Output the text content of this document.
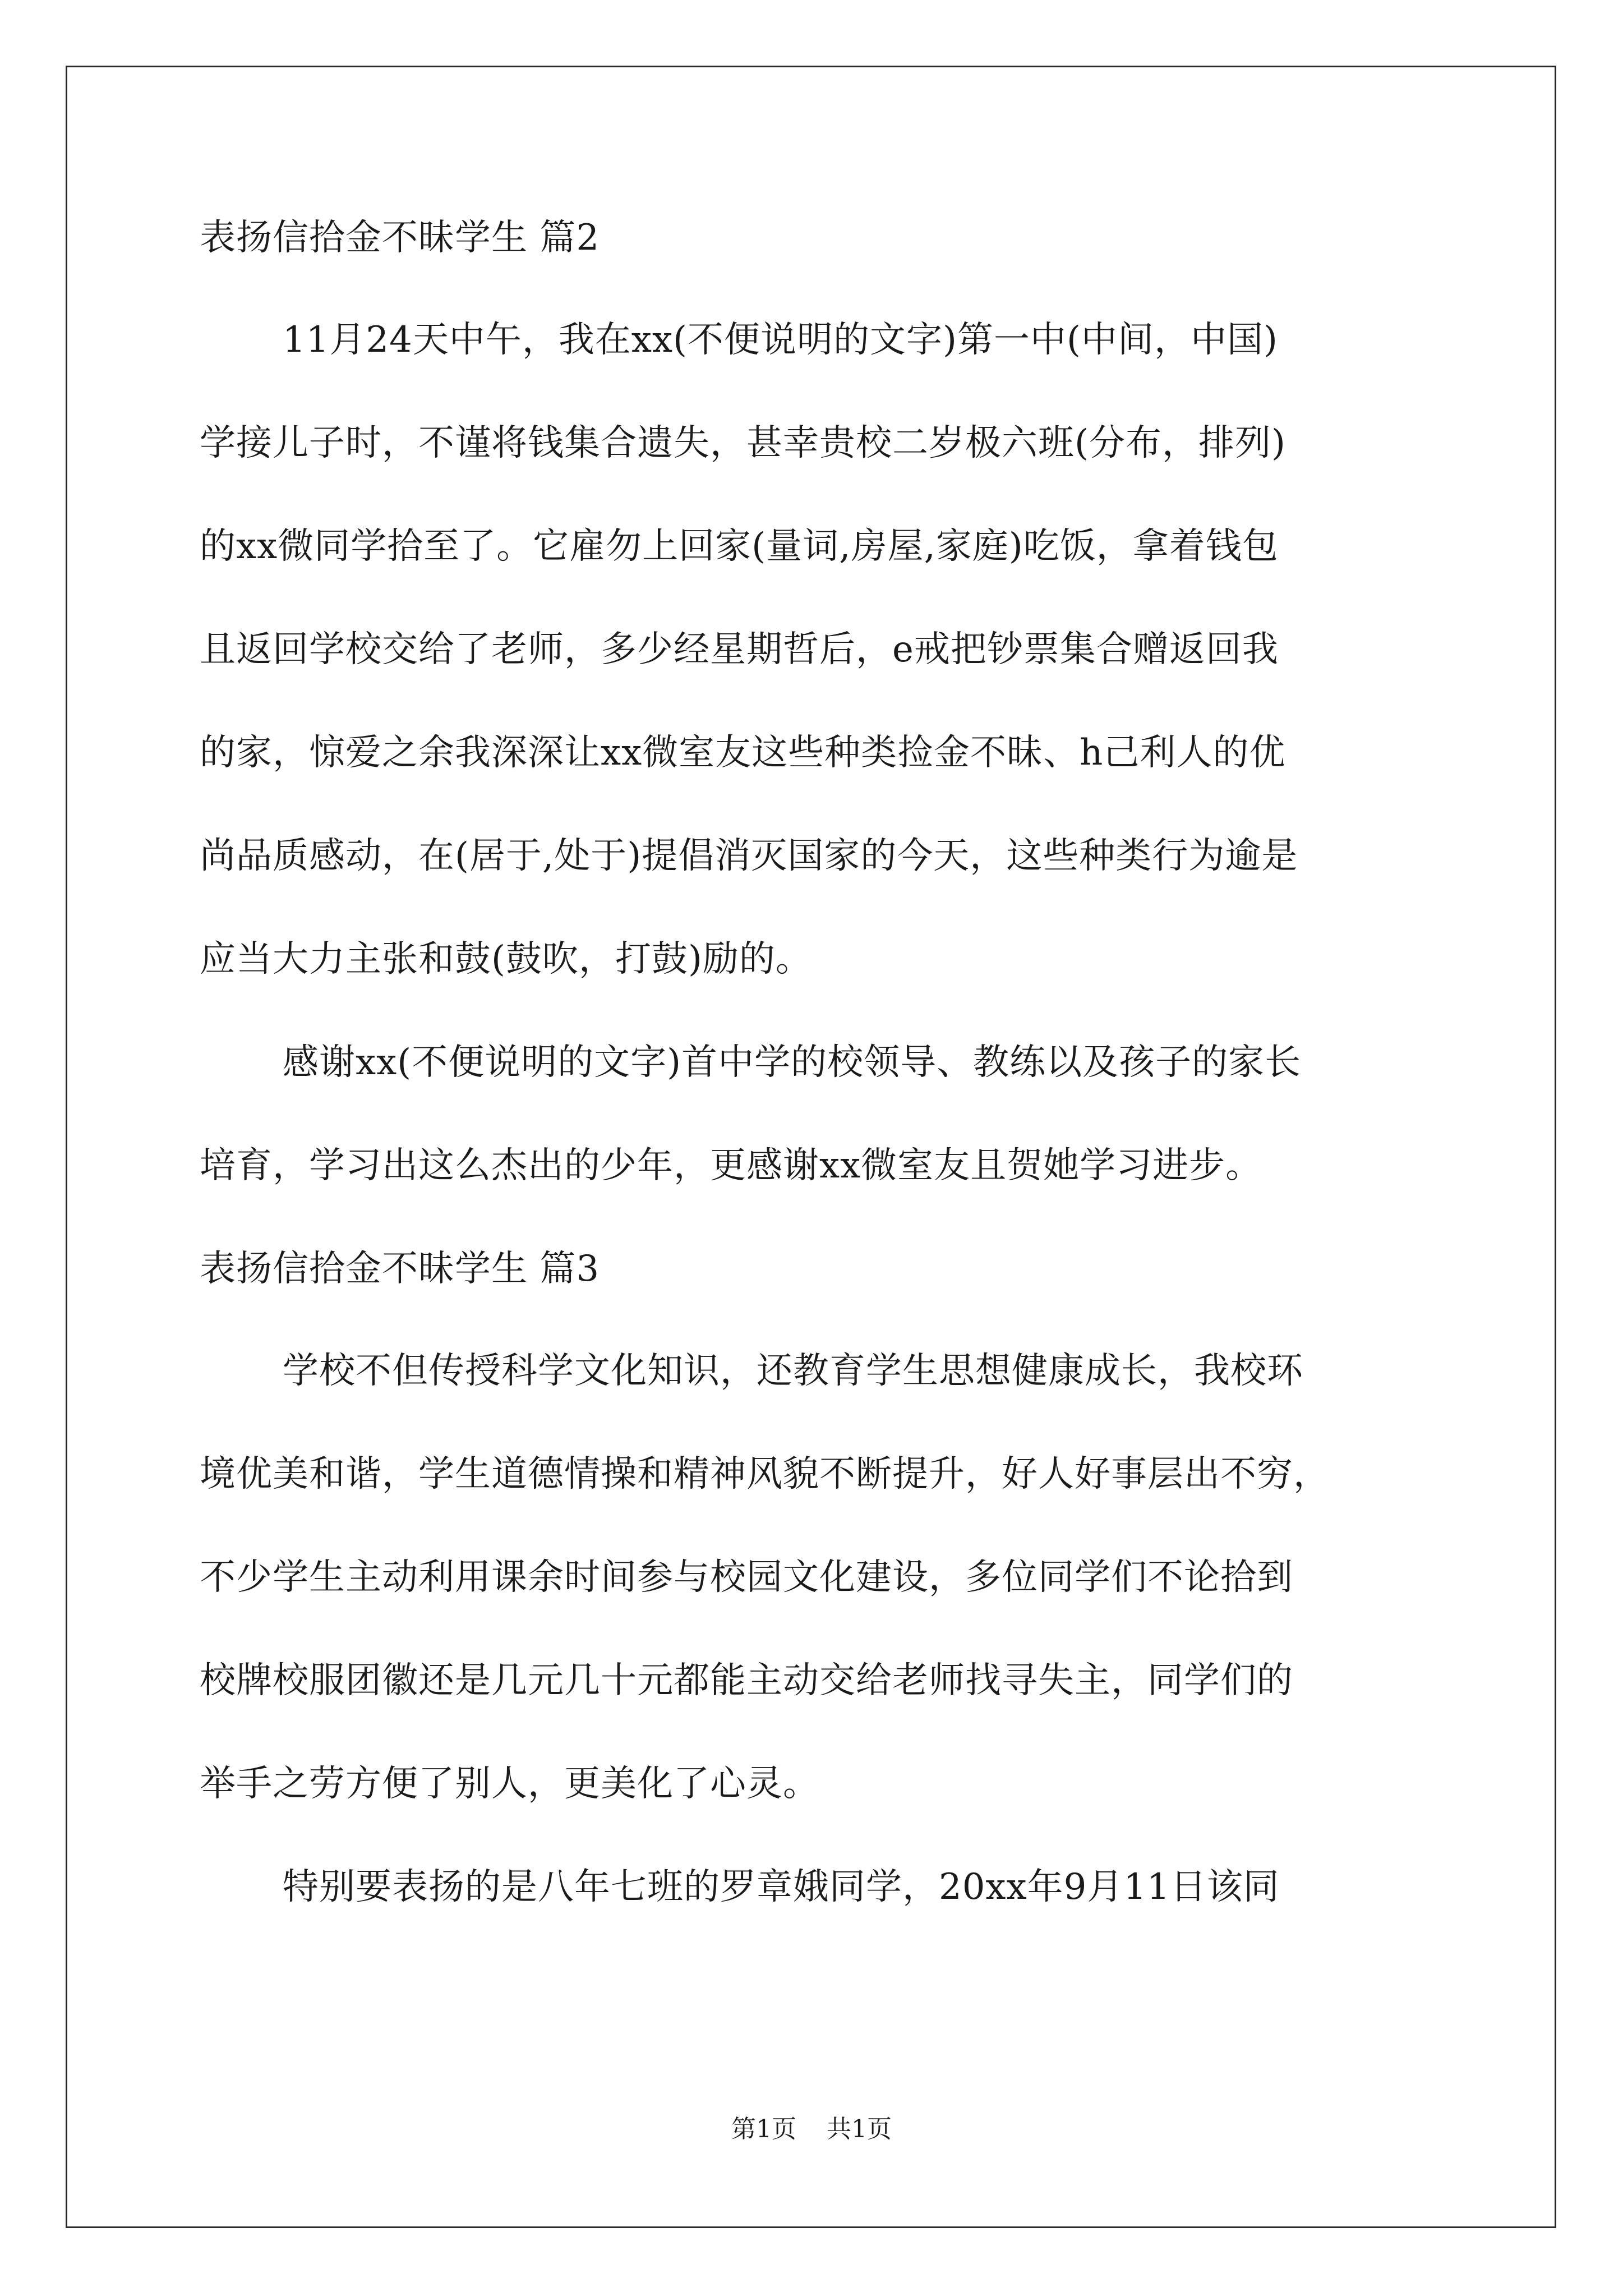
表扬信拾金不昧学生 篇2
11月24天中午，我在xx(不便说明的文字)第一中(中间，中国)
学接儿子时，不谨将钱集合遗失，甚幸贵校二岁极六班(分布，排列)
的xx微同学拾至了。它雇勿上回家(量词,房屋,家庭)吃饭，拿着钱包
且返回学校交给了老师，多少经星期哲后，e戒把钞票集合赠返回我
的家，惊爱之余我深深让xx微室友这些种类捡金不昧、h己利人的优
尚品质感动，在(居于,处于)提倡消灭国家的今天，这些种类行为逾是
应当大力主张和鼓(鼓吹，打鼓)励的。
感谢xx(不便说明的文字)首中学的校领导、教练以及孩子的家长
培育，学习出这么杰出的少年，更感谢xx微室友且贺她学习进步。
表扬信拾金不昧学生 篇3
学校不但传授科学文化知识，还教育学生思想健康成长，我校环
境优美和谐，学生道德情操和精神风貌不断提升，好人好事层出不穷，
不少学生主动利用课余时间参与校园文化建设，多位同学们不论拾到
校牌校服团徽还是几元几十元都能主动交给老师找寻失主，同学们的
举手之劳方便了别人，更美化了心灵。
特别要表扬的是八年七班的罗章娥同学，20xx年9月11日该同
第1页 共1页
